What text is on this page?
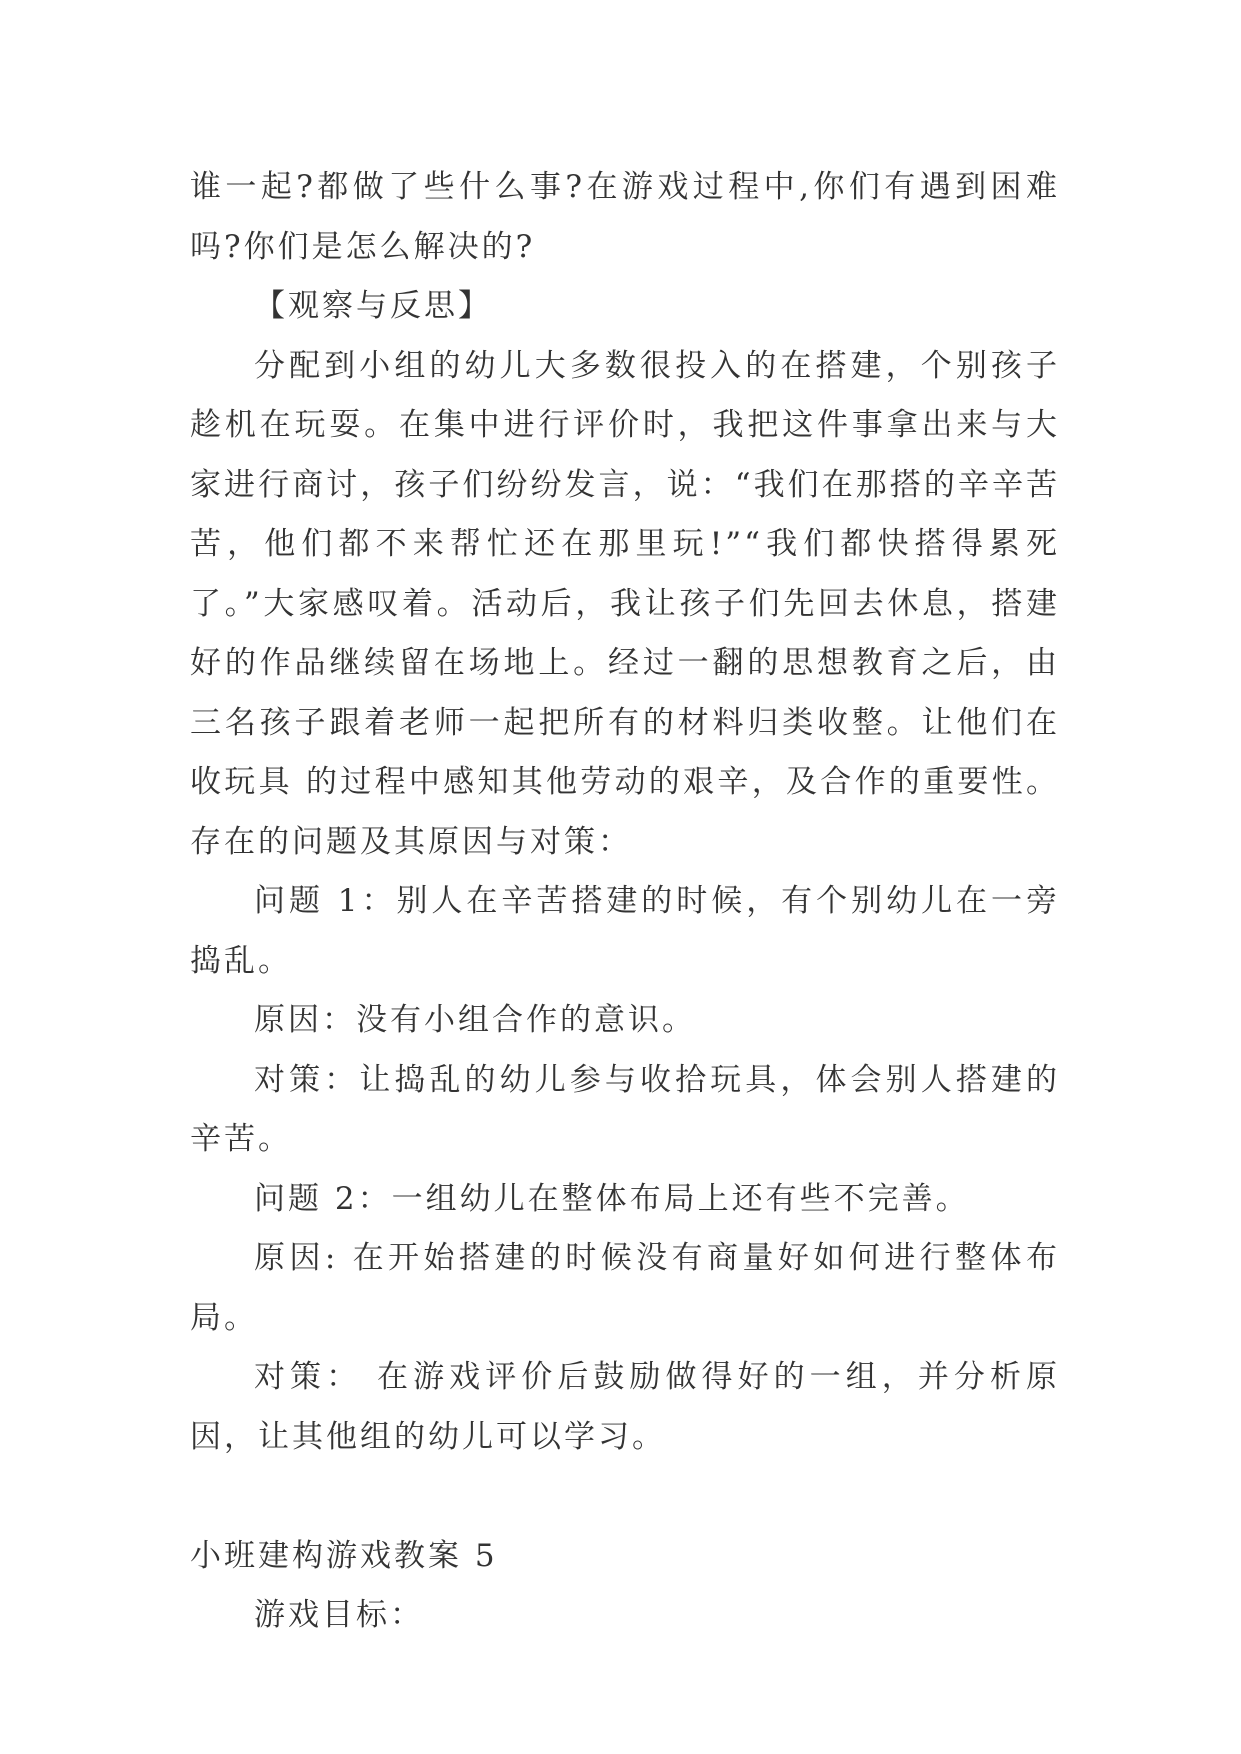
谁一起?都做了些什么事?在游戏过程中,你们有遇到困难吗?你们是怎么解决的?

【观察与反思】

分配到小组的幼儿大多数很投入的在搭建，个别孩子趁机在玩耍。在集中进行评价时，我把这件事拿出来与大家进行商讨，孩子们纷纷发言，说：“我们在那搭的辛辛苦苦，他们都不来帮忙还在那里玩!”“我们都快搭得累死了。”大家感叹着。活动后，我让孩子们先回去休息，搭建好的作品继续留在场地上。经过一翻的思想教育之后，由三名孩子跟着老师一起把所有的材料归类收整。让他们在收玩具 的过程中感知其他劳动的艰辛，及合作的重要性。 存在的问题及其原因与对策：

问题 1：别人在辛苦搭建的时候，有个别幼儿在一旁捣乱。

原因：没有小组合作的意识。

对策：让捣乱的幼儿参与收拾玩具，体会别人搭建的辛苦。

问题 2：一组幼儿在整体布局上还有些不完善。

原因: 在开始搭建的时候没有商量好如何进行整体布局。

对策： 在游戏评价后鼓励做得好的一组，并分析原因，让其他组的幼儿可以学习。

小班建构游戏教案 5

游戏目标：
